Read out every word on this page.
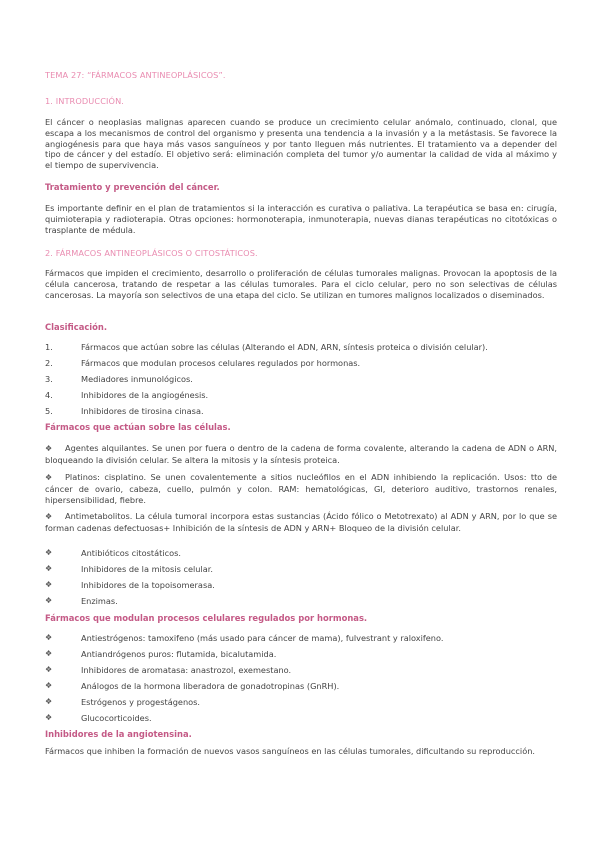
TEMA 27: “FÁRMACOS ANTINEOPLÁSICOS”.
1. INTRODUCCIÓN.

El cáncer o neoplasias malignas aparecen cuando se produce un crecimiento celular anómalo, continuado, clonal, que escapa a los mecanismos de control del organismo y presenta una tendencia a la invasión y a la metástasis. Se favorece la angiogénesis para que haya más vasos sanguíneos y por tanto lleguen más nutrientes. El tratamiento va a depender del tipo de cáncer y del estadío. El objetivo será: eliminación completa del tumor y/o aumentar la calidad de vida al máximo y el tiempo de supervivencia.

Tratamiento y prevención del cáncer.

Es importante definir en el plan de tratamientos si la interacción es curativa o paliativa. La terapéutica se basa en: cirugía, quimioterapia y radioterapia. Otras opciones: hormonoterapia, inmunoterapia, nuevas dianas terapéuticas no citotóxicas o trasplante de médula.

2. FÁRMACOS ANTINEOPLÁSICOS O CITOSTÁTICOS.

Fármacos que impiden el crecimiento, desarrollo o proliferación de células tumorales malignas. Provocan la apoptosis de la célula cancerosa, tratando de respetar a las células tumorales. Para el ciclo celular, pero no son selectivas de células cancerosas. La mayoría son selectivos de una etapa del ciclo. Se utilizan en tumores malignos localizados o diseminados.

Clasificación.
1.	Fármacos que actúan sobre las células (Alterando el ADN, ARN, síntesis proteica o división celular).
2.	Fármacos que modulan procesos celulares regulados por hormonas.
3.	Mediadores inmunológicos.
4.	Inhibidores de la angiogénesis.
5.	Inhibidores de tirosina cinasa.
Fármacos que actúan sobre las células.
❖ Agentes alquilantes. Se unen por fuera o dentro de la cadena de forma covalente, alterando la cadena de ADN o ARN, bloqueando la división celular. Se altera la mitosis y la síntesis proteica.
❖ Platinos: cisplatino. Se unen covalentemente a sitios nucleófilos en el ADN inhibiendo la replicación. Usos: tto de cáncer de ovario, cabeza, cuello, pulmón y colon. RAM: hematológicas, GI, deterioro auditivo, trastornos renales, hipersensibilidad, fiebre.
❖ Antimetabolitos. La célula tumoral incorpora estas sustancias (Ácido fólico o Metotrexato) al ADN y ARN, por lo que se forman cadenas defectuosas+ Inhibición de la síntesis de ADN y ARN+ Bloqueo de la división celular.
❖	Antibióticos citostáticos.
❖	Inhibidores de la mitosis celular.
❖	Inhibidores de la topoisomerasa.
❖	Enzimas.
Fármacos que modulan procesos celulares regulados por hormonas.
❖	Antiestrógenos: tamoxifeno (más usado para cáncer de mama), fulvestrant y raloxifeno.
❖	Antiandrógenos puros: flutamida, bicalutamida.
❖	Inhibidores de aromatasa: anastrozol, exemestano.
❖	Análogos de la hormona liberadora de gonadotropinas (GnRH).
❖	Estrógenos y progestágenos.
❖	Glucocorticoides.
Inhibidores de la angiotensina.

Fármacos que inhiben la formación de nuevos vasos sanguíneos en las células tumorales, dificultando su reproducción.
